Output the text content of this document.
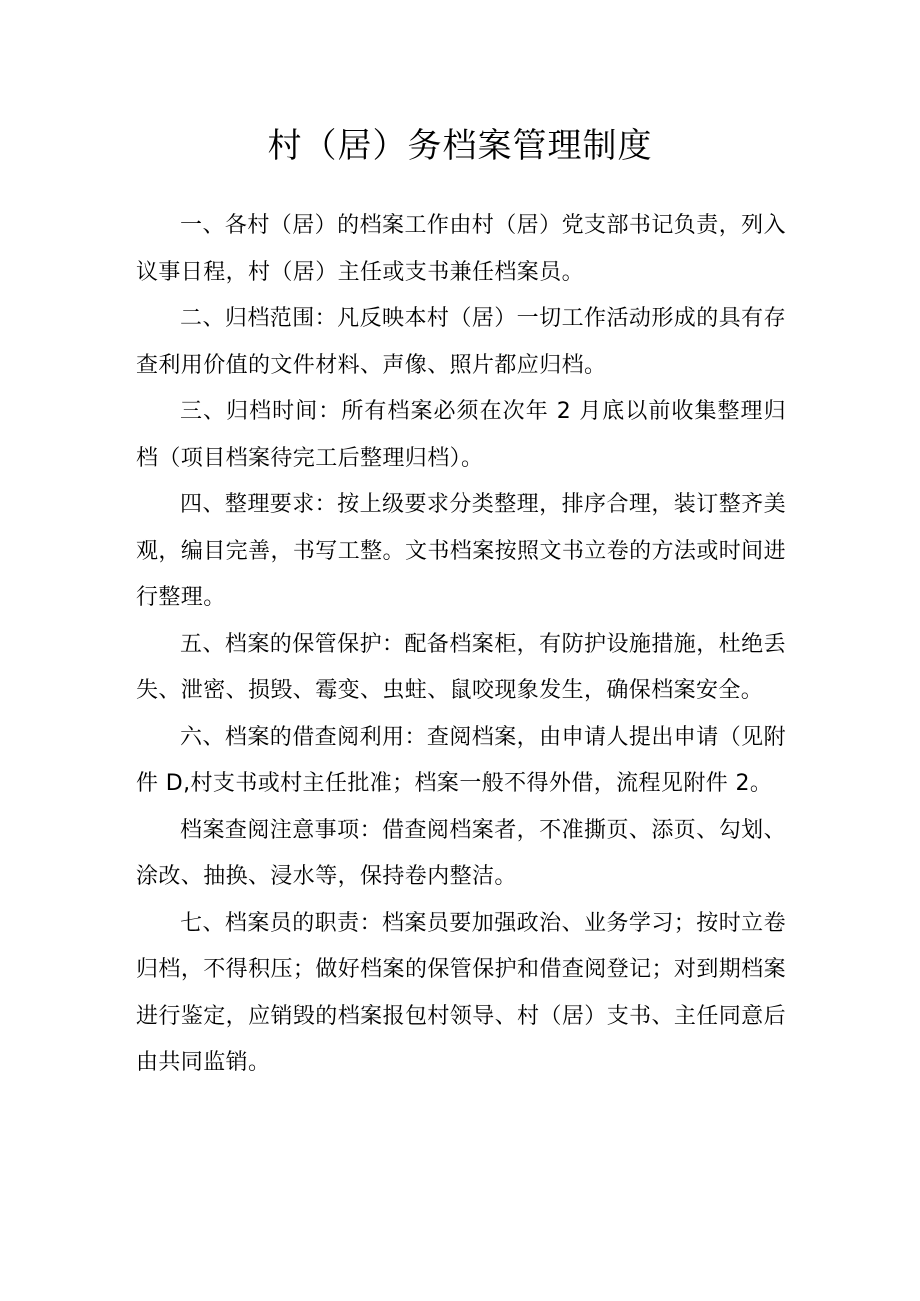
村（居）务档案管理制度

一、各村（居）的档案工作由村（居）党支部书记负责，列入议事日程，村（居）主任或支书兼任档案员。

二、归档范围：凡反映本村（居）一切工作活动形成的具有存查利用价值的文件材料、声像、照片都应归档。

三、归档时间：所有档案必须在次年 2 月底以前收集整理归档（项目档案待完工后整理归档）。

四、整理要求：按上级要求分类整理，排序合理，装订整齐美观，编目完善，书写工整。文书档案按照文书立卷的方法或时间进行整理。

五、档案的保管保护：配备档案柜，有防护设施措施，杜绝丢失、泄密、损毁、霉变、虫蛀、鼠咬现象发生，确保档案安全。

六、档案的借查阅利用：查阅档案，由申请人提出申请（见附件 D,村支书或村主任批准；档案一般不得外借，流程见附件 2。

档案查阅注意事项：借查阅档案者，不准撕页、添页、勾划、涂改、抽换、浸水等，保持卷内整洁。

七、档案员的职责：档案员要加强政治、业务学习；按时立卷归档，不得积压；做好档案的保管保护和借查阅登记；对到期档案进行鉴定，应销毁的档案报包村领导、村（居）支书、主任同意后由共同监销。
